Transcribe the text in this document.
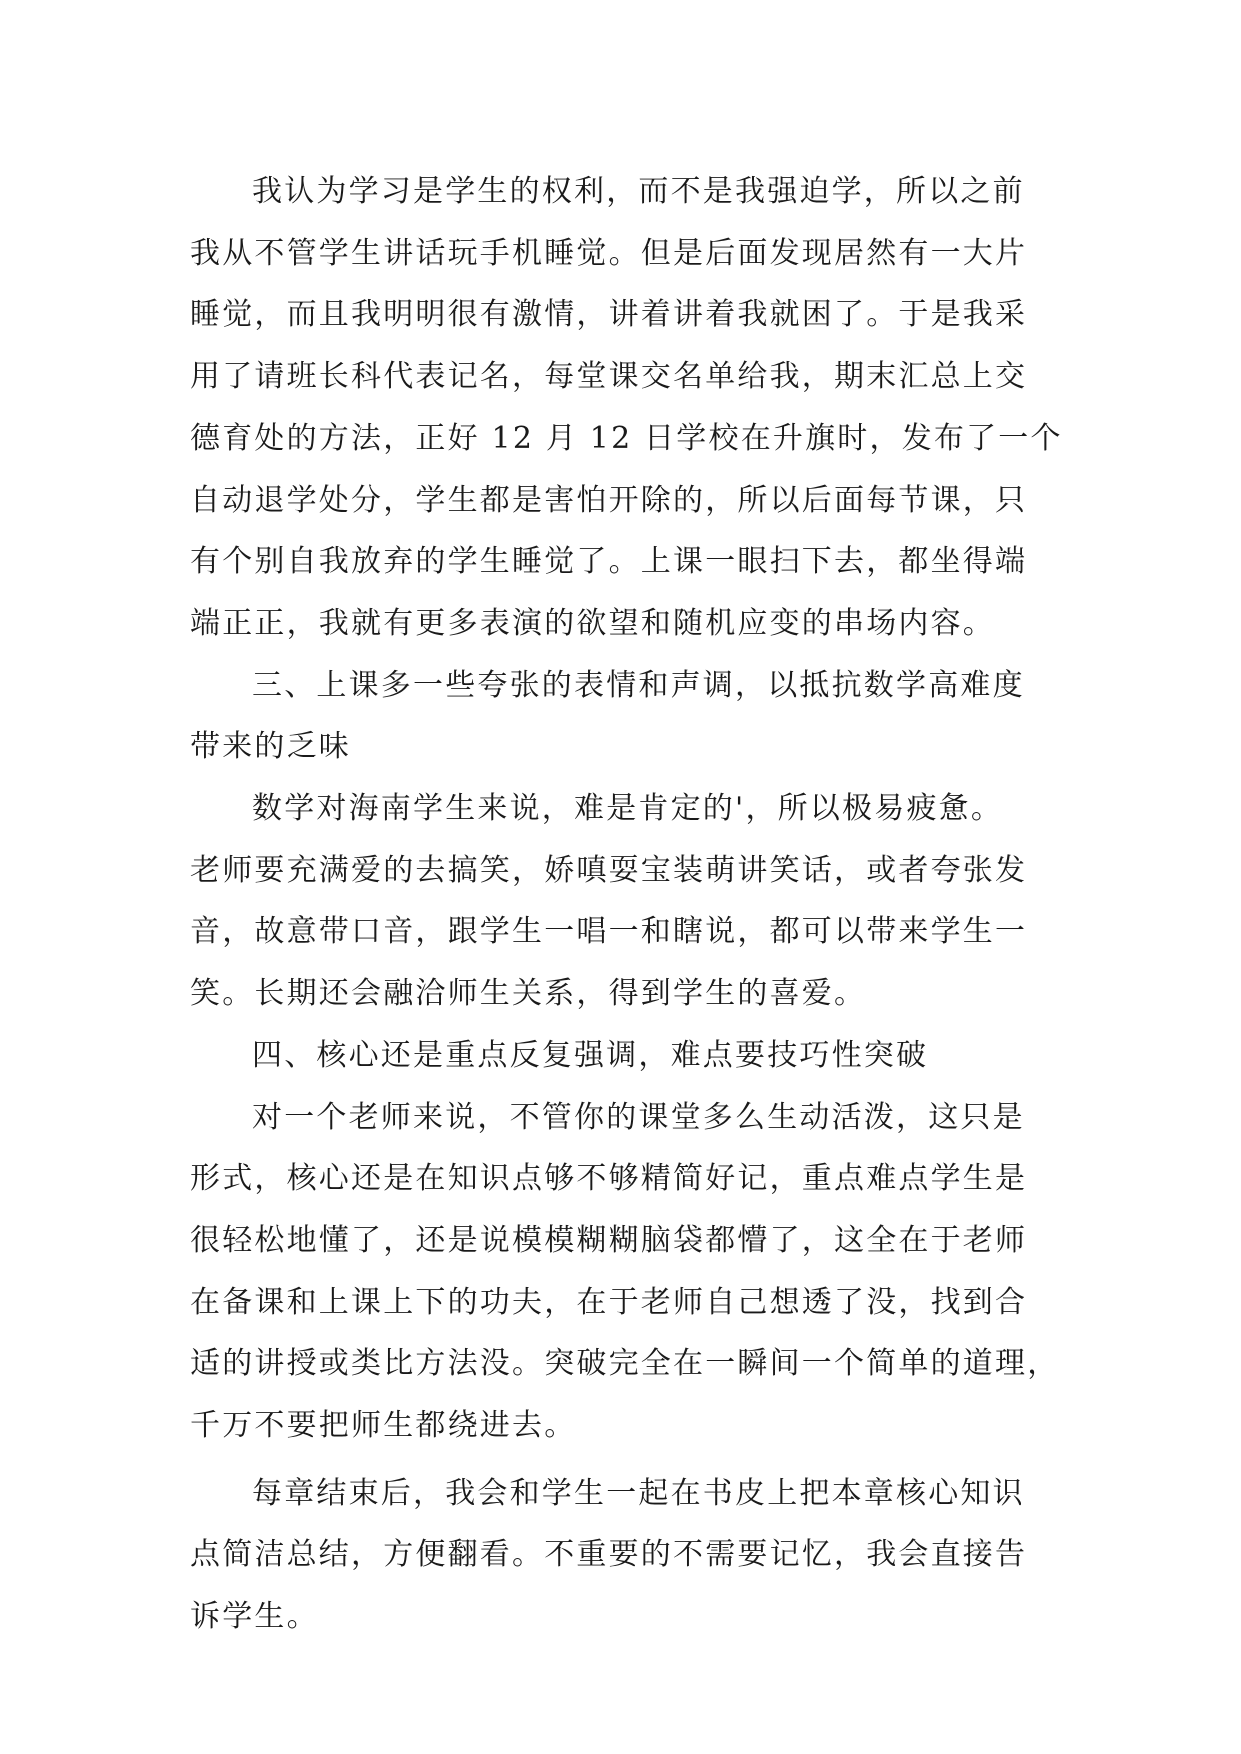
我认为学习是学生的权利，而不是我强迫学，所以之前
我从不管学生讲话玩手机睡觉。但是后面发现居然有一大片
睡觉，而且我明明很有激情，讲着讲着我就困了。于是我采
用了请班长科代表记名，每堂课交名单给我，期末汇总上交
德育处的方法，正好 12 月 12 日学校在升旗时，发布了一个
自动退学处分，学生都是害怕开除的，所以后面每节课，只
有个别自我放弃的学生睡觉了。上课一眼扫下去，都坐得端
端正正，我就有更多表演的欲望和随机应变的串场内容。
三、上课多一些夸张的表情和声调，以抵抗数学高难度
带来的乏味
数学对海南学生来说，难是肯定的'，所以极易疲惫。
老师要充满爱的去搞笑，娇嗔耍宝装萌讲笑话，或者夸张发
音，故意带口音，跟学生一唱一和瞎说，都可以带来学生一
笑。长期还会融洽师生关系，得到学生的喜爱。
四、核心还是重点反复强调，难点要技巧性突破
对一个老师来说，不管你的课堂多么生动活泼，这只是
形式，核心还是在知识点够不够精简好记，重点难点学生是
很轻松地懂了，还是说模模糊糊脑袋都懵了，这全在于老师
在备课和上课上下的功夫，在于老师自己想透了没，找到合
适的讲授或类比方法没。突破完全在一瞬间一个简单的道理，
千万不要把师生都绕进去。
每章结束后，我会和学生一起在书皮上把本章核心知识
点简洁总结，方便翻看。不重要的不需要记忆，我会直接告
诉学生。
